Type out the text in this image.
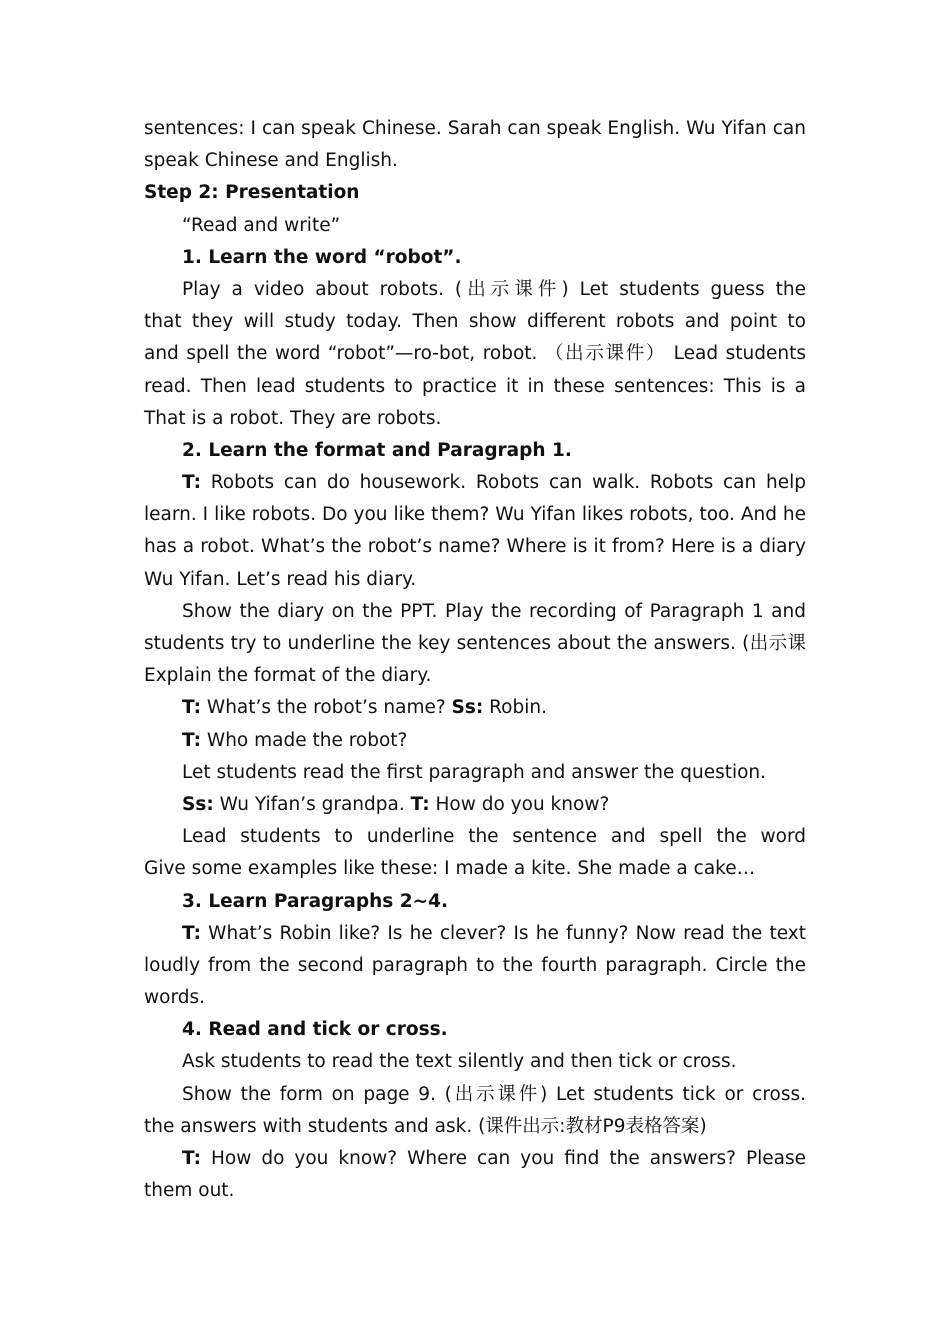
sentences: I can speak Chinese. Sarah can speak English. Wu Yifan can
speak Chinese and English.
Step 2: Presentation
“Read and write”
1. Learn the word “robot”.
Play a video about robots. (出示课件) Let students guess the
that they will study today. Then show different robots and point to
and spell the word “robot”—ro-bot, robot. （出示课件） Lead students
read. Then lead students to practice it in these sentences: This is a
That is a robot. They are robots.
2. Learn the format and Paragraph 1.
T: Robots can do housework. Robots can walk. Robots can help
learn. I like robots. Do you like them? Wu Yifan likes robots, too. And he
has a robot. What’s the robot’s name? Where is it from? Here is a diary
Wu Yifan. Let’s read his diary.
Show the diary on the PPT. Play the recording of Paragraph 1 and
students try to underline the key sentences about the answers. (出示课
Explain the format of the diary.
T: What’s the robot’s name? Ss: Robin.
T: Who made the robot?
Let students read the first paragraph and answer the question.
Ss: Wu Yifan’s grandpa. T: How do you know?
Lead students to underline the sentence and spell the word
Give some examples like these: I made a kite. She made a cake…
3. Learn Paragraphs 2~4.
T: What’s Robin like? Is he clever? Is he funny? Now read the text
loudly from the second paragraph to the fourth paragraph. Circle the
words.
4. Read and tick or cross.
Ask students to read the text silently and then tick or cross.
Show the form on page 9. (出示课件) Let students tick or cross.
the answers with students and ask. (课件出示:教材P9表格答案)
T: How do you know? Where can you find the answers? Please
them out.
